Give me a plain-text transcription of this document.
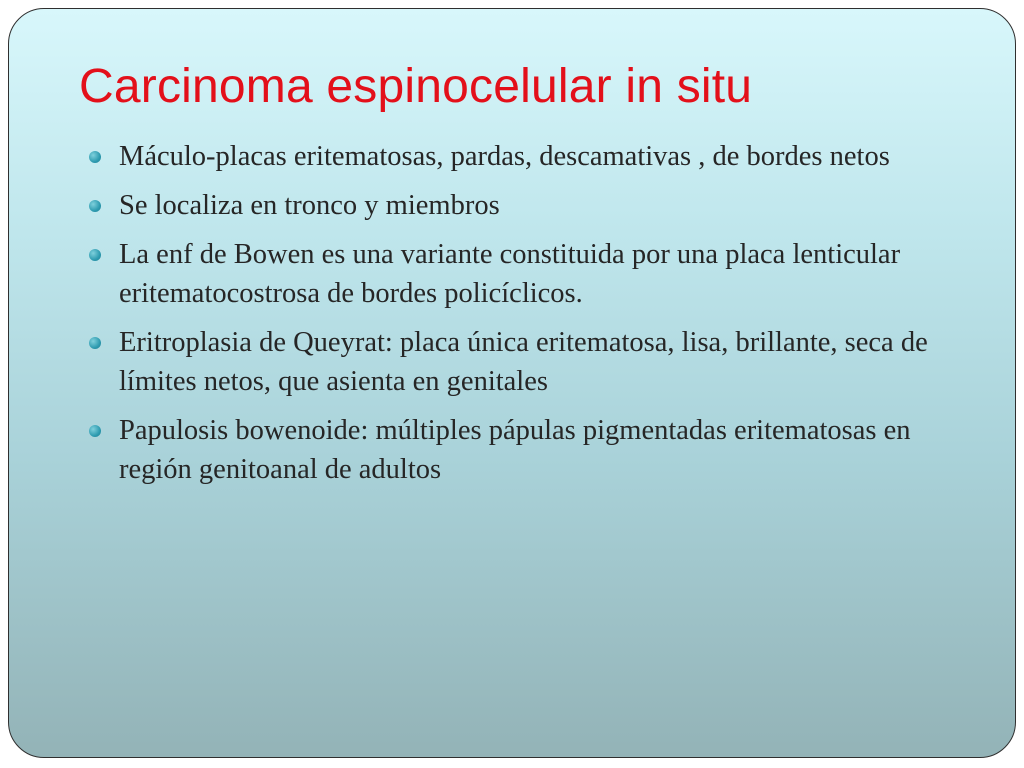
Carcinoma espinocelular in situ
Máculo-placas eritematosas, pardas, descamativas , de bordes netos
Se localiza en tronco y miembros
La enf de Bowen es una variante constituida por una placa lenticular eritematocostrosa de bordes policíclicos.
Eritroplasia de Queyrat: placa única eritematosa, lisa, brillante, seca de límites netos, que asienta en genitales
Papulosis bowenoide: múltiples pápulas pigmentadas eritematosas en región genitoanal de adultos
